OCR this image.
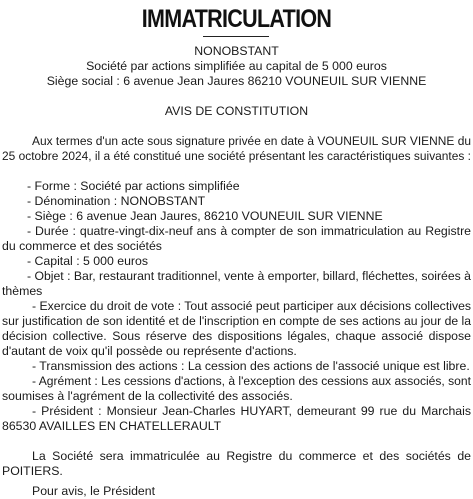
IMMATRICULATION
NONOBSTANT
Société par actions simplifiée au capital de 5 000 euros
Siège social : 6 avenue Jean Jaures 86210 VOUNEUIL SUR VIENNE
AVIS DE CONSTITUTION
Aux termes d'un acte sous signature privée en date à VOUNEUIL SUR VIENNE du
25 octobre 2024, il a été constitué une société présentant les caractéristiques suivantes :
- Forme : Société par actions simplifiée
- Dénomination : NONOBSTANT
- Siège : 6 avenue Jean Jaures, 86210 VOUNEUIL SUR VIENNE
- Durée : quatre-vingt-dix-neuf ans à compter de son immatriculation au Registre
du commerce et des sociétés
- Capital : 5 000 euros
- Objet : Bar, restaurant traditionnel, vente à emporter, billard, fléchettes, soirées à
thèmes
- Exercice du droit de vote : Tout associé peut participer aux décisions collectives
sur justification de son identité et de l'inscription en compte de ses actions au jour de la
décision collective. Sous réserve des dispositions légales, chaque associé dispose
d'autant de voix qu'il possède ou représente d'actions.
- Transmission des actions : La cession des actions de l'associé unique est libre.
- Agrément : Les cessions d'actions, à l'exception des cessions aux associés, sont
soumises à l'agrément de la collectivité des associés.
- Président : Monsieur Jean-Charles HUYART, demeurant 99 rue du Marchais
86530 AVAILLES EN CHATELLERAULT
La Société sera immatriculée au Registre du commerce et des sociétés de
POITIERS.
Pour avis, le Président
